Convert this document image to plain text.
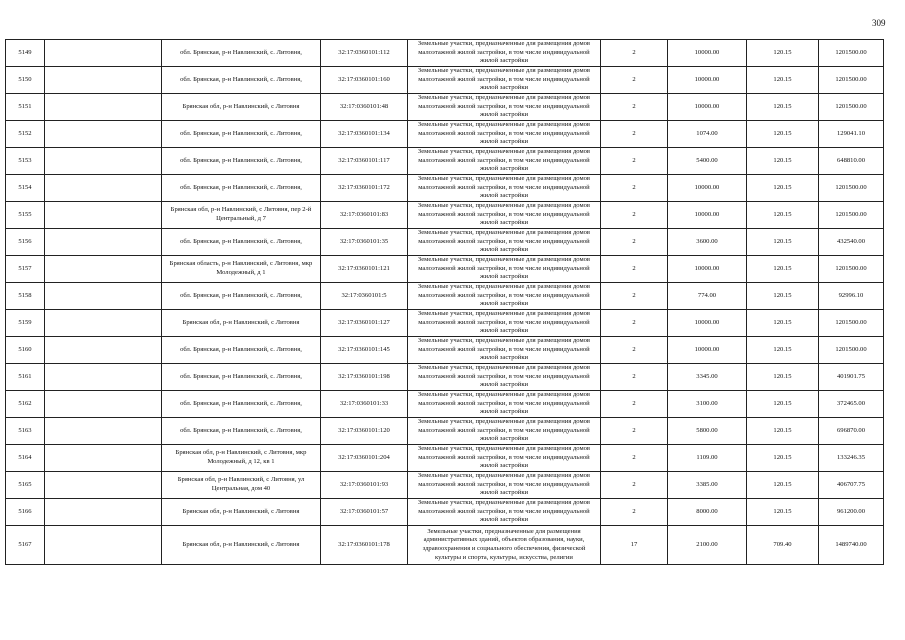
309
5149		обл. Брянская, р-н Навлинский, с. Литовня,	32:17:0360101:112	Земельные участки, предназначенные для размещения домов малоэтажной жилой застройки, в том числе индивидуальной жилой застройки	2	10000.00	120.15	1201500.00
5150		обл. Брянская, р-н Навлинский, с. Литовня,	32:17:0360101:160	Земельные участки, предназначенные для размещения домов малоэтажной жилой застройки, в том числе индивидуальной жилой застройки	2	10000.00	120.15	1201500.00
5151		Брянская обл, р-н Навлинский, с Литовня	32:17:0360101:48	Земельные участки, предназначенные для размещения домов малоэтажной жилой застройки, в том числе индивидуальной жилой застройки	2	10000.00	120.15	1201500.00
5152		обл. Брянская, р-н Навлинский, с. Литовня,	32:17:0360101:134	Земельные участки, предназначенные для размещения домов малоэтажной жилой застройки, в том числе индивидуальной жилой застройки	2	1074.00	120.15	129041.10
5153		обл. Брянская, р-н Навлинский, с. Литовня,	32:17:0360101:117	Земельные участки, предназначенные для размещения домов малоэтажной жилой застройки, в том числе индивидуальной жилой застройки	2	5400.00	120.15	648810.00
5154		обл. Брянская, р-н Навлинский, с. Литовня,	32:17:0360101:172	Земельные участки, предназначенные для размещения домов малоэтажной жилой застройки, в том числе индивидуальной жилой застройки	2	10000.00	120.15	1201500.00
5155		Брянская обл, р-н Навлинский, с Литовня, пер 2-й Центральный, д 7	32:17:0360101:83	Земельные участки, предназначенные для размещения домов малоэтажной жилой застройки, в том числе индивидуальной жилой застройки	2	10000.00	120.15	1201500.00
5156		обл. Брянская, р-н Навлинский, с. Литовня,	32:17:0360101:35	Земельные участки, предназначенные для размещения домов малоэтажной жилой застройки, в том числе индивидуальной жилой застройки	2	3600.00	120.15	432540.00
5157		Брянская область, р-н Навлинский, с Литовня, мкр Молодежный, д 1	32:17:0360101:121	Земельные участки, предназначенные для размещения домов малоэтажной жилой застройки, в том числе индивидуальной жилой застройки	2	10000.00	120.15	1201500.00
5158		обл. Брянская, р-н Навлинский, с. Литовня,	32:17:0360101:5	Земельные участки, предназначенные для размещения домов малоэтажной жилой застройки, в том числе индивидуальной жилой застройки	2	774.00	120.15	92996.10
5159		Брянская обл, р-н Навлинский, с Литовня	32:17:0360101:127	Земельные участки, предназначенные для размещения домов малоэтажной жилой застройки, в том числе индивидуальной жилой застройки	2	10000.00	120.15	1201500.00
5160		обл. Брянская, р-н Навлинский, с. Литовня,	32:17:0360101:145	Земельные участки, предназначенные для размещения домов малоэтажной жилой застройки, в том числе индивидуальной жилой застройки	2	10000.00	120.15	1201500.00
5161		обл. Брянская, р-н Навлинский, с. Литовня,	32:17:0360101:198	Земельные участки, предназначенные для размещения домов малоэтажной жилой застройки, в том числе индивидуальной жилой застройки	2	3345.00	120.15	401901.75
5162		обл. Брянская, р-н Навлинский, с. Литовня,	32:17:0360101:33	Земельные участки, предназначенные для размещения домов малоэтажной жилой застройки, в том числе индивидуальной жилой застройки	2	3100.00	120.15	372465.00
5163		обл. Брянская, р-н Навлинский, с. Литовня,	32:17:0360101:120	Земельные участки, предназначенные для размещения домов малоэтажной жилой застройки, в том числе индивидуальной жилой застройки	2	5800.00	120.15	696870.00
5164		Брянская обл, р-н Навлинский, с Литовня, мкр Молодежный, д 12, кв 1	32:17:0360101:204	Земельные участки, предназначенные для размещения домов малоэтажной жилой застройки, в том числе индивидуальной жилой застройки	2	1109.00	120.15	133246.35
5165		Брянская обл, р-н Навлинский, с Литовня, ул Центральная, дом 40	32:17:0360101:93	Земельные участки, предназначенные для размещения домов малоэтажной жилой застройки, в том числе индивидуальной жилой застройки	2	3385.00	120.15	406707.75
5166		Брянская обл, р-н Навлинский, с Литовня	32:17:0360101:57	Земельные участки, предназначенные для размещения домов малоэтажной жилой застройки, в том числе индивидуальной жилой застройки	2	8000.00	120.15	961200.00
5167		Брянская обл, р-н Навлинский, с Литовня	32:17:0360101:178	Земельные участки, предназначенные для размещения административных зданий, объектов образования, науки, здравоохранения и социального обеспечения, физической культуры и спорта, культуры, искусства, религии	17	2100.00	709.40	1489740.00
